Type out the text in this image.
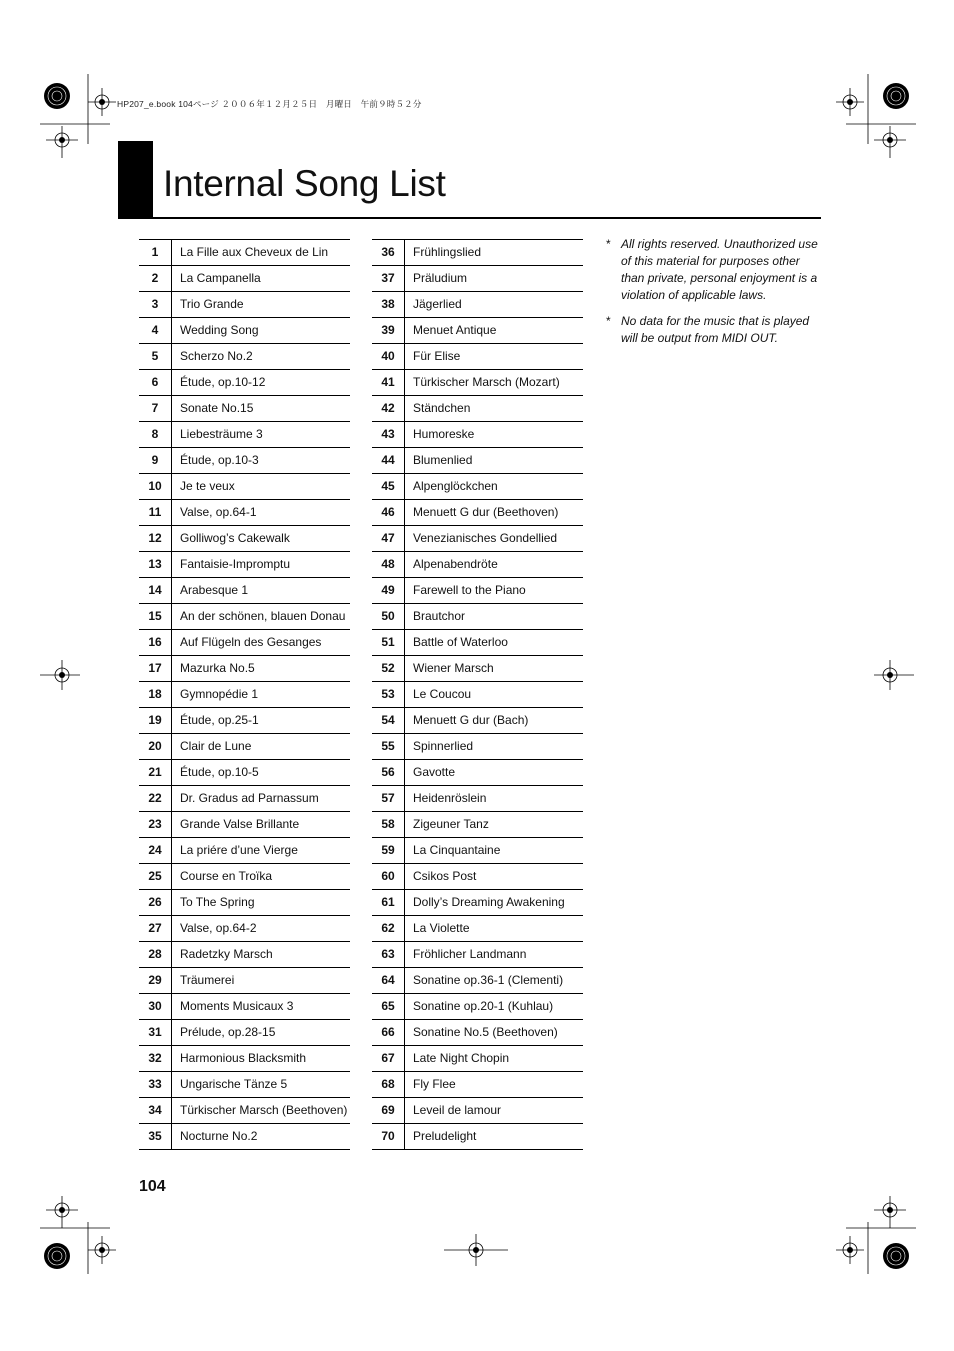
HP207_e.book 104ページ ２００６年１２月２５日　月曜日　午前９時５２分
Internal Song List
1	La Fille aux Cheveux de Lin
2	La Campanella
3	Trio Grande
4	Wedding Song
5	Scherzo No.2
6	Étude, op.10-12
7	Sonate No.15
8	Liebesträume 3
9	Étude, op.10-3
10	Je te veux
11	Valse, op.64-1
12	Golliwog’s Cakewalk
13	Fantaisie-Impromptu
14	Arabesque 1
15	An der schönen, blauen Donau
16	Auf Flügeln des Gesanges
17	Mazurka No.5
18	Gymnopédie 1
19	Étude, op.25-1
20	Clair de Lune
21	Étude, op.10-5
22	Dr. Gradus ad Parnassum
23	Grande Valse Brillante
24	La priére d’une Vierge
25	Course en Troïka
26	To The Spring
27	Valse, op.64-2
28	Radetzky Marsch
29	Träumerei
30	Moments Musicaux 3
31	Prélude, op.28-15
32	Harmonious Blacksmith
33	Ungarische Tänze 5
34	Türkischer Marsch (Beethoven)
35	Nocturne No.2
36	Frühlingslied
37	Präludium
38	Jägerlied
39	Menuet Antique
40	Für Elise
41	Türkischer Marsch (Mozart)
42	Ständchen
43	Humoreske
44	Blumenlied
45	Alpenglöckchen
46	Menuett G dur (Beethoven)
47	Venezianisches Gondellied
48	Alpenabendröte
49	Farewell to the Piano
50	Brautchor
51	Battle of Waterloo
52	Wiener Marsch
53	Le Coucou
54	Menuett G dur (Bach)
55	Spinnerlied
56	Gavotte
57	Heidenröslein
58	Zigeuner Tanz
59	La Cinquantaine
60	Csikos Post
61	Dolly’s Dreaming Awakening
62	La Violette
63	Fröhlicher Landmann
64	Sonatine op.36-1 (Clementi)
65	Sonatine op.20-1 (Kuhlau)
66	Sonatine No.5 (Beethoven)
67	Late Night Chopin
68	Fly Flee
69	Leveil de lamour
70	Preludelight
* All rights reserved. Unauthorized use of this material for purposes other than private, personal enjoyment is a violation of applicable laws.
* No data for the music that is played will be output from MIDI OUT.
104
